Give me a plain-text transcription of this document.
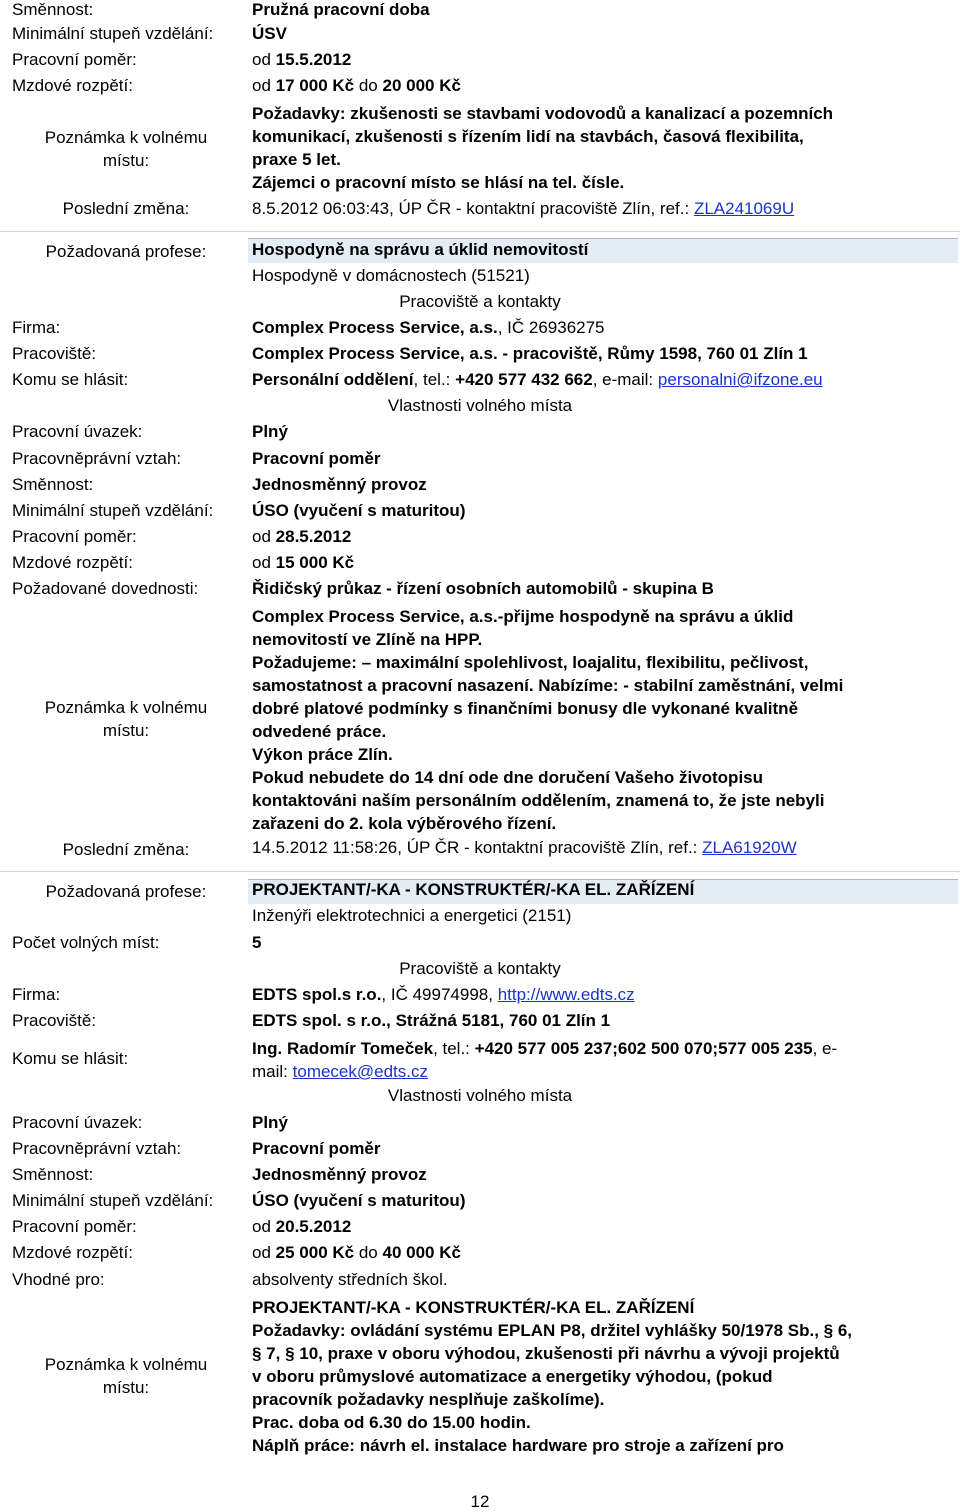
Směnnost:	Pružná pracovní doba
Minimální stupeň vzdělání: ÚSV
Pracovní poměr:	od 15.5.2012
Mzdové rozpětí:	od 17 000 Kč do 20 000 Kč
Poznámka k volnému
místu:
Požadavky: zkušenosti se stavbami vodovodů a kanalizací a pozemních
komunikací, zkušenosti s řízením lidí na stavbách, časová flexibilita,
praxe 5 let.
Zájemci o pracovní místo se hlásí na tel. čísle.
Poslední změna:	8.5.2012 06:03:43, ÚP ČR - kontaktní pracoviště Zlín, ref.: ZLA241069U
Požadovaná profese:	Hospodyně na správu a úklid nemovitostí
Hospodyně v domácnostech (51521)
Pracoviště a kontakty
Firma:	Complex Process Service, a.s., IČ 26936275
Pracoviště:	Complex Process Service, a.s. - pracoviště, Růmy 1598, 760 01 Zlín 1
Komu se hlásit:	Personální oddělení, tel.: +420 577 432 662, e-mail: personalni@ifzone.eu
Vlastnosti volného místa
Pracovní úvazek:	Plný
Pracovněprávní vztah:	Pracovní poměr
Směnnost:	Jednosměnný provoz
Minimální stupeň vzdělání: ÚSO (vyučení s maturitou)
Pracovní poměr:	od 28.5.2012
Mzdové rozpětí:	od 15 000 Kč
Požadované dovednosti:	Řidičský průkaz - řízení osobních automobilů - skupina B
Poznámka k volnému
místu:
Complex Process Service, a.s.-přijme hospodyně na správu a úklid
nemovitostí ve Zlíně na HPP.
Požadujeme: – maximální spolehlivost, loajalitu, flexibilitu, pečlivost,
samostatnost a pracovní nasazení. Nabízíme: - stabilní zaměstnání, velmi
dobré platové podmínky s finančními bonusy dle vykonané kvalitně
odvedené práce.
Výkon práce Zlín.
Pokud nebudete do 14 dní ode dne doručení Vašeho životopisu
kontaktováni naším personálním oddělením, znamená to, že jste nebyli
zařazeni do 2. kola výběrového řízení.
Poslední změna:	14.5.2012 11:58:26, ÚP ČR - kontaktní pracoviště Zlín, ref.: ZLA61920W
Požadovaná profese:	PROJEKTANT/-KA - KONSTRUKTÉR/-KA EL. ZAŘÍZENÍ
Inženýři elektrotechnici a energetici (2151)
Počet volných míst:	5
Pracoviště a kontakty
Firma:	EDTS spol.s r.o., IČ 49974998, http://www.edts.cz
Pracoviště:	EDTS spol. s r.o., Strážná 5181, 760 01 Zlín 1
Komu se hlásit:
Ing. Radomír Tomeček, tel.: +420 577 005 237;602 500 070;577 005 235, e-
mail: tomecek@edts.cz
Vlastnosti volného místa
Pracovní úvazek:	Plný
Pracovněprávní vztah:	Pracovní poměr
Směnnost:	Jednosměnný provoz
Minimální stupeň vzdělání: ÚSO (vyučení s maturitou)
Pracovní poměr:	od 20.5.2012
Mzdové rozpětí:	od 25 000 Kč do 40 000 Kč
Vhodné pro:	absolventy středních škol.
Poznámka k volnému
místu:
PROJEKTANT/-KA - KONSTRUKTÉR/-KA EL. ZAŘÍZENÍ
Požadavky: ovládání systému EPLAN P8, držitel vyhlášky 50/1978 Sb., § 6,
§ 7, § 10, praxe v oboru výhodou, zkušenosti při návrhu a vývoji projektů
v oboru průmyslové automatizace a energetiky výhodou, (pokud
pracovník požadavky nesplňuje zaškolíme).
Prac. doba od 6.30 do 15.00 hodin.
Náplň práce: návrh el. instalace hardware pro stroje a zařízení pro
12
